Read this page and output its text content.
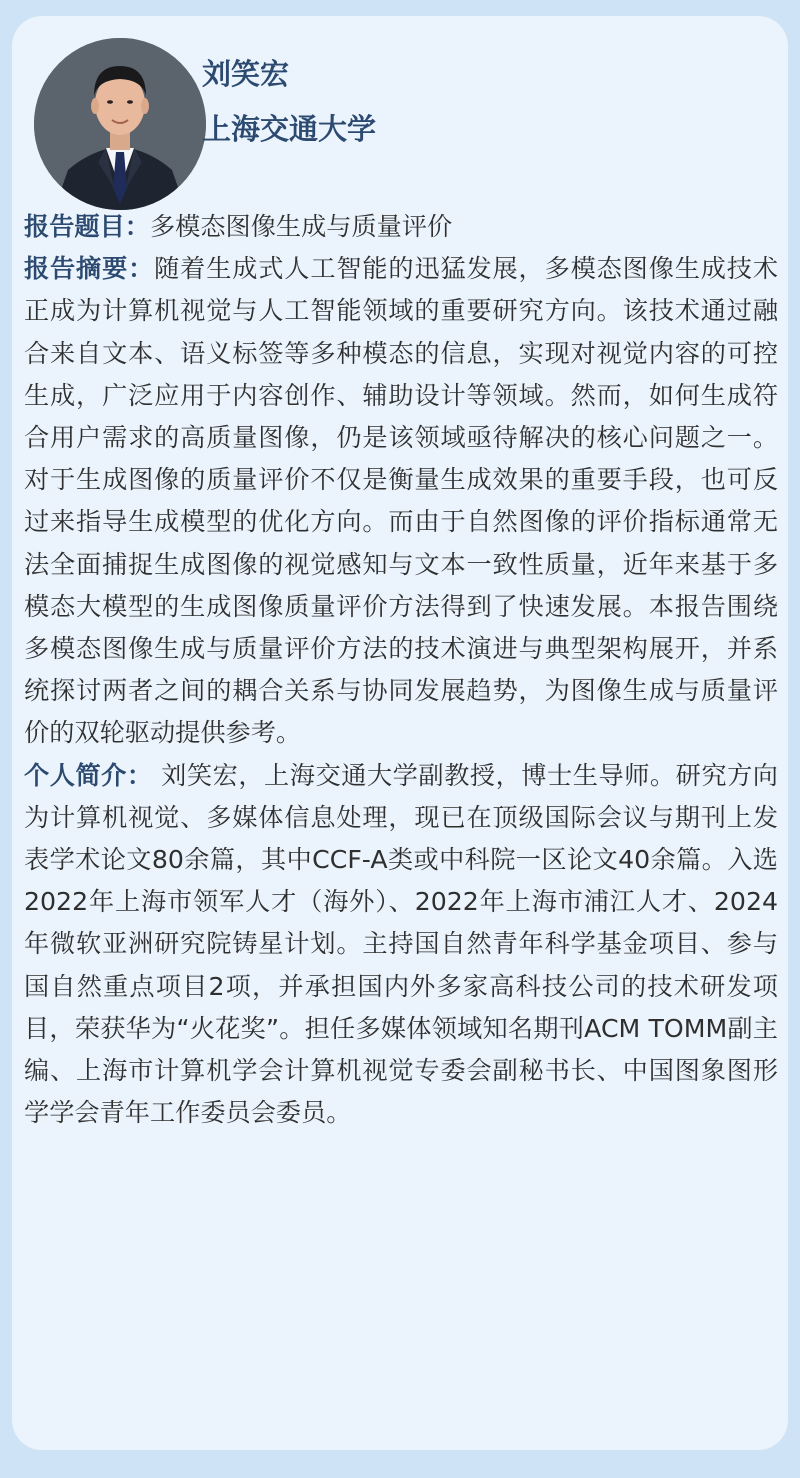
刘笑宏
上海交通大学

报告题目：多模态图像生成与质量评价

报告摘要：随着生成式人工智能的迅猛发展，多模态图像生成技术正成为计算机视觉与人工智能领域的重要研究方向。该技术通过融合来自文本、语义标签等多种模态的信息，实现对视觉内容的可控生成，广泛应用于内容创作、辅助设计等领域。然而，如何生成符合用户需求的高质量图像，仍是该领域亟待解决的核心问题之一。对于生成图像的质量评价不仅是衡量生成效果的重要手段，也可反过来指导生成模型的优化方向。而由于自然图像的评价指标通常无法全面捕捉生成图像的视觉感知与文本一致性质量，近年来基于多模态大模型的生成图像质量评价方法得到了快速发展。本报告围绕多模态图像生成与质量评价方法的技术演进与典型架构展开，并系统探讨两者之间的耦合关系与协同发展趋势，为图像生成与质量评价的双轮驱动提供参考。

个人简介： 刘笑宏，上海交通大学副教授，博士生导师。研究方向为计算机视觉、多媒体信息处理，现已在顶级国际会议与期刊上发表学术论文80余篇，其中CCF-A类或中科院一区论文40余篇。入选2022年上海市领军人才（海外）、2022年上海市浦江人才、2024年微软亚洲研究院铸星计划。主持国自然青年科学基金项目、参与国自然重点项目2项，并承担国内外多家高科技公司的技术研发项目，荣获华为“火花奖”。担任多媒体领域知名期刊ACM TOMM副主编、上海市计算机学会计算机视觉专委会副秘书长、中国图象图形学学会青年工作委员会委员。
